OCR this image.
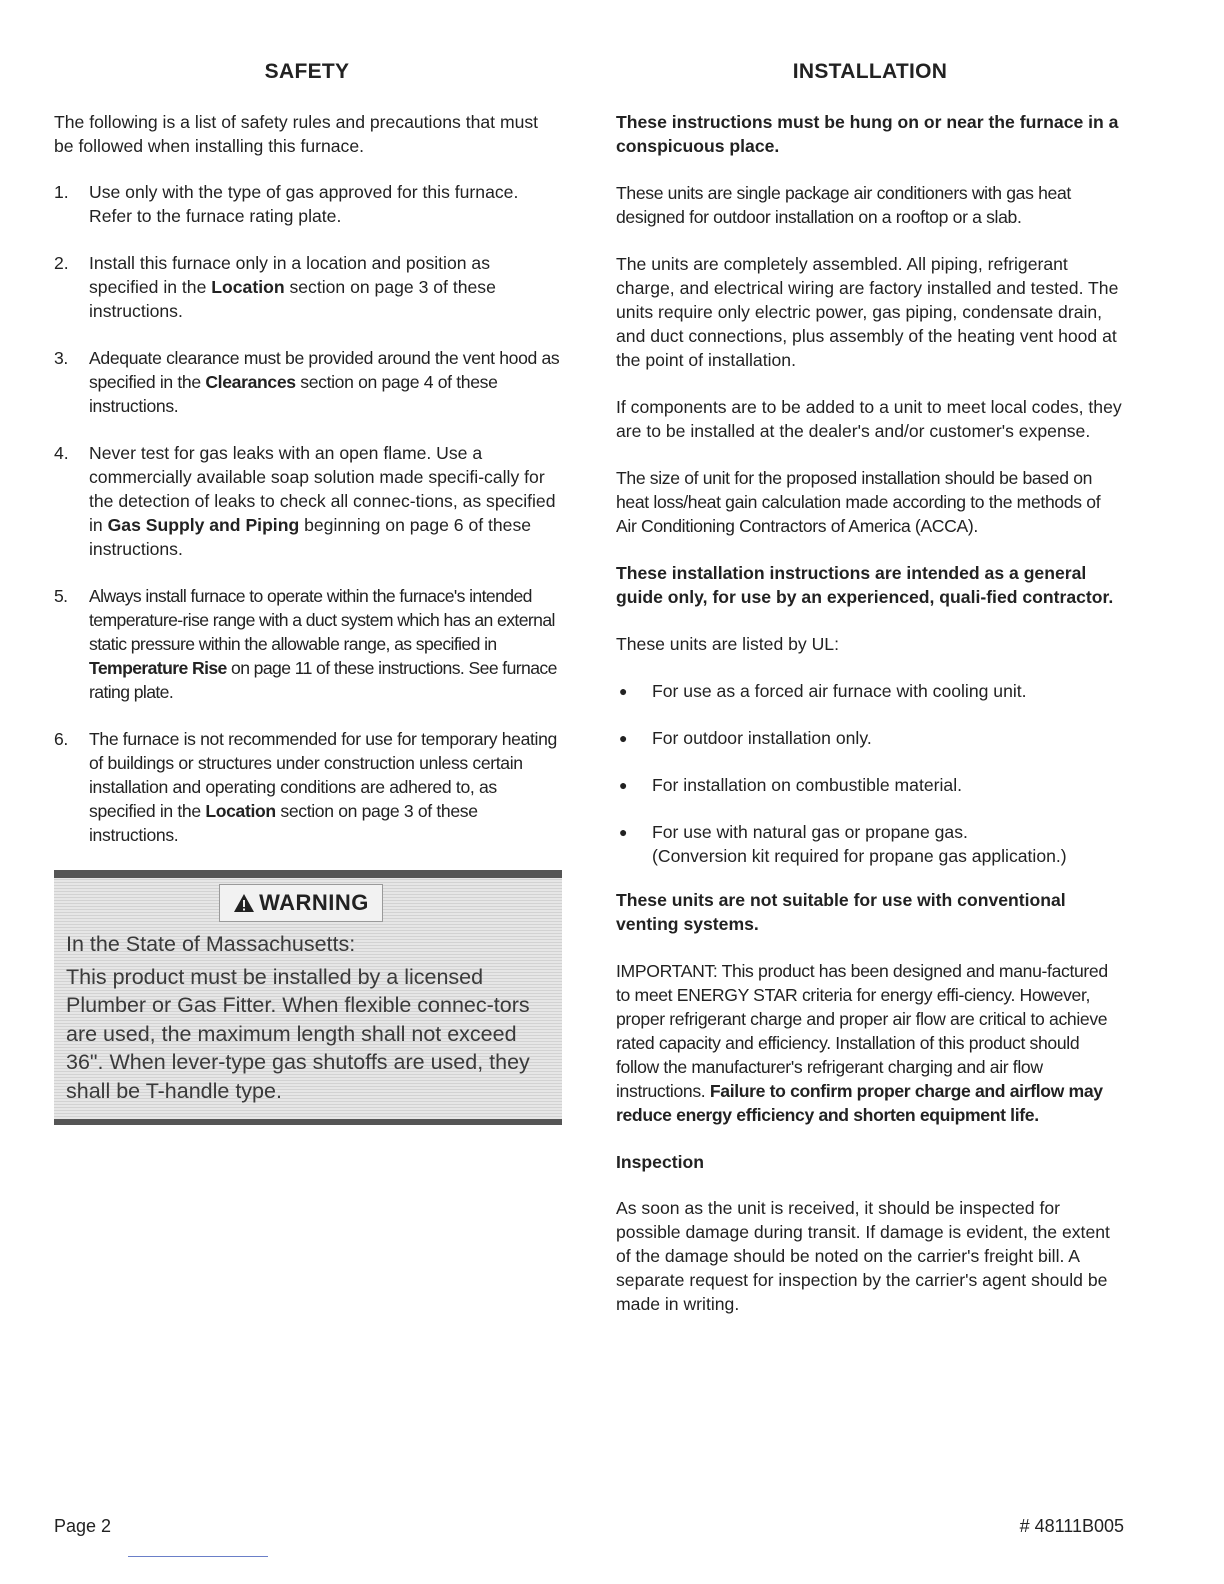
SAFETY

The following is a list of safety rules and precautions that must be followed when installing this furnace.

1. Use only with the type of gas approved for this furnace. Refer to the furnace rating plate.
2. Install this furnace only in a location and position as specified in the Location section on page 3 of these instructions.
3. Adequate clearance must be provided around the vent hood as specified in the Clearances section on page 4 of these instructions.
4. Never test for gas leaks with an open flame. Use a commercially available soap solution made specifi-cally for the detection of leaks to check all connec-tions, as specified in Gas Supply and Piping beginning on page 6 of these instructions.
5. Always install furnace to operate within the furnace's intended temperature-rise range with a duct system which has an external static pressure within the allowable range, as specified in Temperature Rise on page 11 of these instructions. See furnace rating plate.
6. The furnace is not recommended for use for temporary heating of buildings or structures under construction unless certain installation and operating conditions are adhered to, as specified in the Location section on page 3 of these instructions.
WARNING

In the State of Massachusetts:

This product must be installed by a licensed Plumber or Gas Fitter. When flexible connec-tors are used, the maximum length shall not exceed 36". When lever-type gas shutoffs are used, they shall be T-handle type.

INSTALLATION

These instructions must be hung on or near the furnace in a conspicuous place.

These units are single package air conditioners with gas heat designed for outdoor installation on a rooftop or a slab.

The units are completely assembled. All piping, refrigerant charge, and electrical wiring are factory installed and tested. The units require only electric power, gas piping, condensate drain, and duct connections, plus assembly of the heating vent hood at the point of installation.

If components are to be added to a unit to meet local codes, they are to be installed at the dealer's and/or customer's expense.

The size of unit for the proposed installation should be based on heat loss/heat gain calculation made according to the methods of Air Conditioning Contractors of America (ACCA).

These installation instructions are intended as a general guide only, for use by an experienced, quali-fied contractor.

These units are listed by UL:

● For use as a forced air furnace with cooling unit.
● For outdoor installation only.
● For installation on combustible material.
● For use with natural gas or propane gas.
(Conversion kit required for propane gas application.)

These units are not suitable for use with conventional venting systems.

IMPORTANT: This product has been designed and manu-factured to meet ENERGY STAR criteria for energy effi-ciency. However, proper refrigerant charge and proper air flow are critical to achieve rated capacity and efficiency. Installation of this product should follow the manufacturer's refrigerant charging and air flow instructions. Failure to confirm proper charge and airflow may reduce energy efficiency and shorten equipment life.

Inspection

As soon as the unit is received, it should be inspected for possible damage during transit. If damage is evident, the extent of the damage should be noted on the carrier's freight bill. A separate request for inspection by the carrier's agent should be made in writing.

Page 2	# 48111B005
